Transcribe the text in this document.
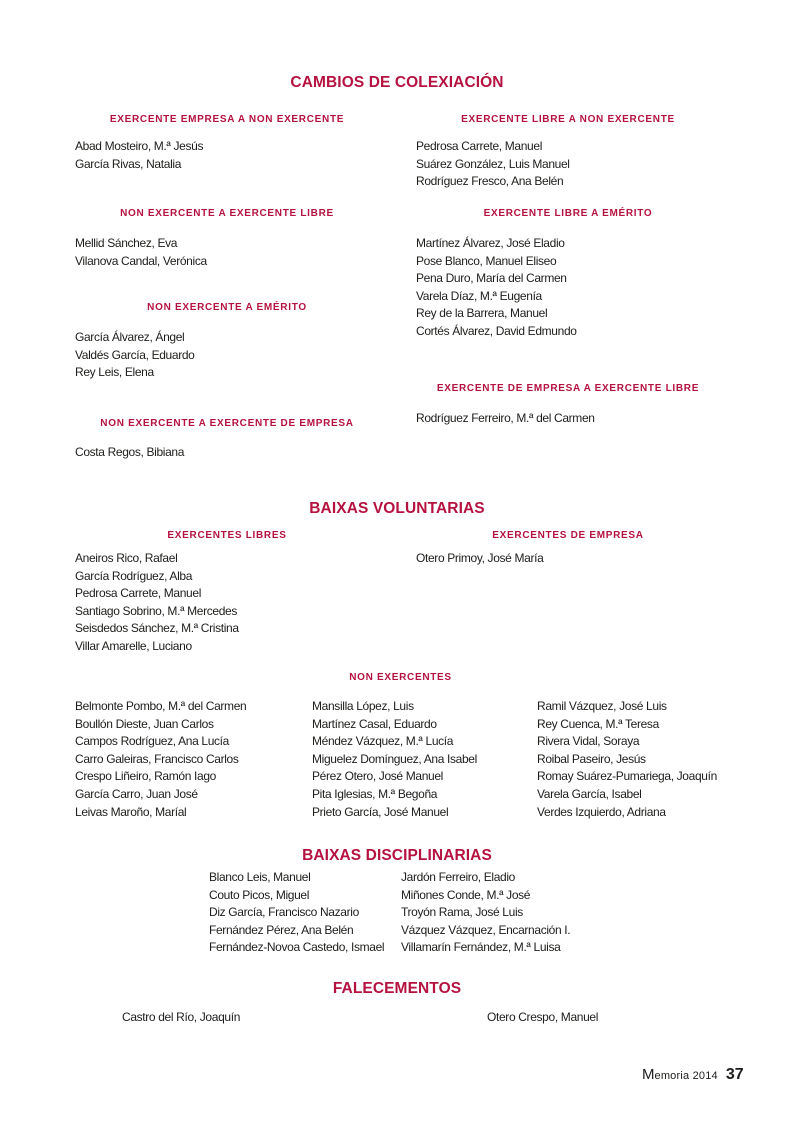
CAMBIOS DE COLEXIACIÓN
EXERCENTE EMPRESA A NON EXERCENTE
Abad Mosteiro, M.ª Jesús
García Rivas, Natalia
EXERCENTE LIBRE A NON EXERCENTE
Pedrosa Carrete, Manuel
Suárez González, Luis Manuel
Rodríguez Fresco, Ana Belén
NON EXERCENTE A EXERCENTE LIBRE
Mellid Sánchez, Eva
Vilanova Candal, Verónica
EXERCENTE LIBRE A EMÉRITO
Martínez Álvarez, José Eladio
Pose Blanco, Manuel Eliseo
Pena Duro, María del Carmen
Varela Díaz, M.ª Eugenía
Rey de la Barrera, Manuel
Cortés Álvarez, David Edmundo
NON EXERCENTE A EMÉRITO
García Álvarez, Ángel
Valdés García, Eduardo
Rey Leis, Elena
EXERCENTE DE EMPRESA A EXERCENTE LIBRE
Rodríguez Ferreiro, M.ª del Carmen
NON EXERCENTE A EXERCENTE DE EMPRESA
Costa Regos, Bibiana
BAIXAS VOLUNTARIAS
EXERCENTES LIBRES
Aneiros Rico, Rafael
García Rodríguez, Alba
Pedrosa Carrete, Manuel
Santiago Sobrino, M.ª Mercedes
Seisdedos Sánchez, M.ª Cristina
Villar Amarelle, Luciano
EXERCENTES DE EMPRESA
Otero Primoy, José María
NON EXERCENTES
Belmonte Pombo, M.ª del Carmen
Boullón Dieste, Juan Carlos
Campos Rodríguez, Ana Lucía
Carro Galeiras, Francisco Carlos
Crespo Liñeiro, Ramón Iago
García Carro, Juan José
Leivas Maroño, Maríal
Mansilla López, Luis
Martínez Casal, Eduardo
Méndez Vázquez, M.ª Lucía
Miguelez Domínguez, Ana Isabel
Pérez Otero, José Manuel
Pita Iglesias, M.ª Begoña
Prieto García, José Manuel
Ramil Vázquez, José Luis
Rey Cuenca, M.ª Teresa
Rivera Vidal, Soraya
Roibal Paseiro, Jesús
Romay Suárez-Pumariega, Joaquín
Varela García, Isabel
Verdes Izquierdo, Adriana
BAIXAS DISCIPLINARIAS
Blanco Leis, Manuel
Couto Picos, Miguel
Diz García, Francisco Nazario
Fernández Pérez, Ana Belén
Fernández-Novoa Castedo, Ismael
Jardón Ferreiro, Eladio
Miñones Conde, M.ª José
Troyón Rama, José Luis
Vázquez Vázquez, Encarnación I.
Villamarín Fernández, M.ª Luisa
FALECEMENTOS
Castro del Río, Joaquín	Otero Crespo, Manuel
Memoria 2014 37
